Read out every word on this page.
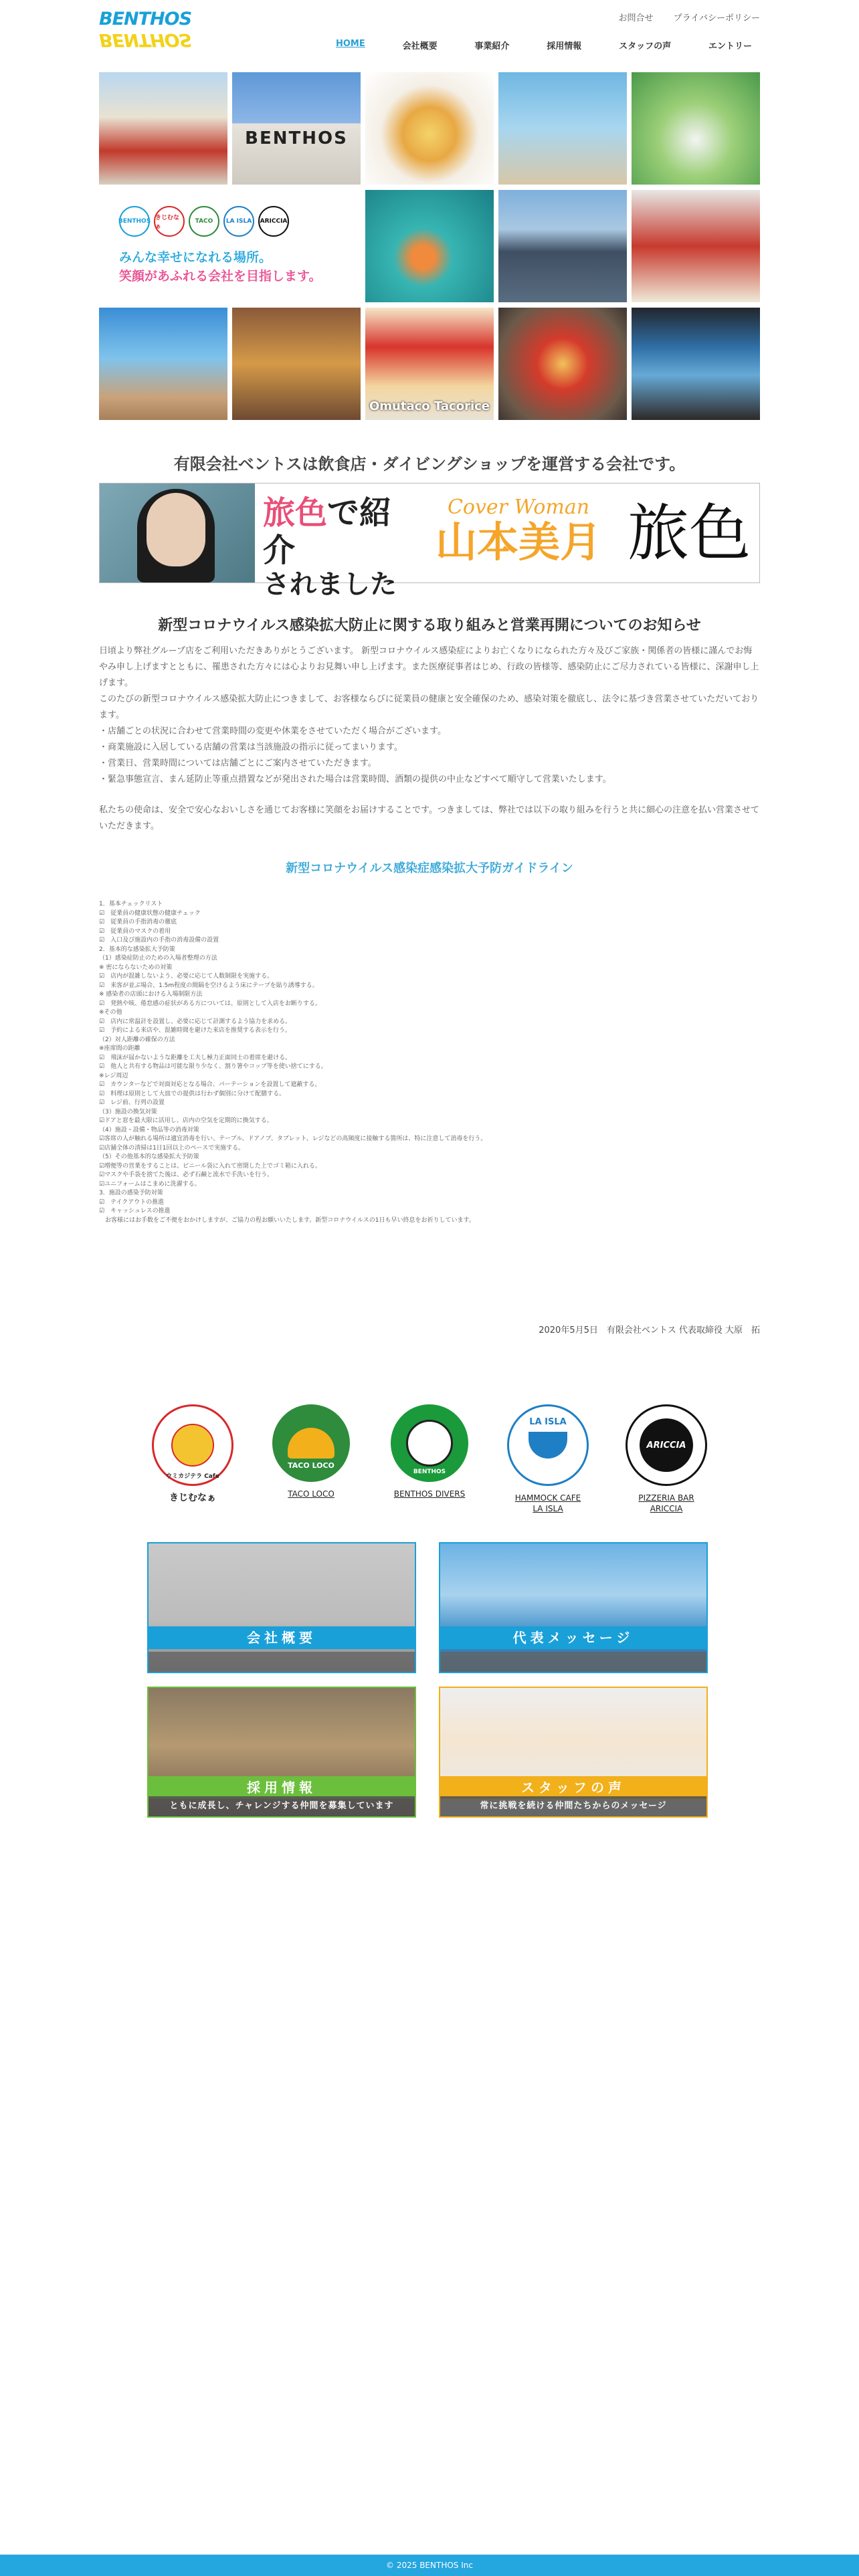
BENTHOS
BENTHOS
お問合せ プライバシーポリシー
HOME	会社概要	事業紹介	採用情報	スタッフの声	エントリー
BENTHOS
BENTHOS きじむなぁ
TACO	LA ISLA	ARICCIA
みんな幸せになれる場所。
笑顔があふれる会社を目指します。
Omutaco Tacorice
有限会社ベントスは飲食店・ダイビングショップを運営する会社です。
旅色で紹介
されました
Cover Woman
山本美月 旅色
新型コロナウイルス感染拡大防止に関する取り組みと営業再開についてのお知らせ

日頃より弊社グループ店をご利用いただきありがとうございます。 新型コロナウイルス感染症によりお亡くなりになられた方々及びご家族・関係者の皆様に謹んでお悔やみ申し上げますとともに、罹患された方々には心よりお見舞い申し上げます。また医療従事者はじめ、行政の皆様等、感染防止にご尽力されている皆様に、深謝申し上げます。

このたびの新型コロナウイルス感染拡大防止につきまして、お客様ならびに従業員の健康と安全確保のため、感染対策を徹底し、法令に基づき営業させていただいております。

・店舗ごとの状況に合わせて営業時間の変更や休業をさせていただく場合がございます。

・商業施設に入居している店舗の営業は当該施設の指示に従ってまいります。

・営業日、営業時間については店舗ごとにご案内させていただきます。

・緊急事態宣言、まん延防止等重点措置などが発出された場合は営業時間、酒類の提供の中止などすべて順守して営業いたします。

私たちの使命は、安全で安心なおいしさを通じてお客様に笑顔をお届けすることです。つきましては、弊社では以下の取り組みを行うと共に細心の注意を払い営業させていただきます。

新型コロナウイルス感染症感染拡大予防ガイドライン
1．基本チェックリスト
☑　従業員の健康状態の健康チェック
☑　従業員の手指消毒の徹底
☑　従業員のマスクの着用
☑　入口及び施設内の手指の消毒設備の設置
2．基本的な感染拡大予防策
（1）感染症防止のための入場者整理の方法
※ 密にならないための対策
☑　店内が混雑しないよう、必要に応じて人数制限を実施する。
☑　来客が並ぶ場合、1.5m程度の間隔を空けるよう床にテープを貼り誘導する。
※ 感染者の店頭における入場制限方法
☑　発熱や咳、倦怠感の症状がある方については、原則として入店をお断りする。
※その他
☑　店内に常温計を設置し、必要に応じて計測するよう協力を求める。
☑　予約による来店や、混雑時間を避けた来店を推奨する表示を行う。
（2）対人距離の確保の方法
※座席間の距離
☑　飛沫が届かないような距離を工夫し極力正面同士の着席を避ける。
☑　他人と共有する物品は可能な限り少なく、割り箸やコップ等を使い捨てにする。
※レジ周辺
☑　カウンターなどで対面対応となる場合、パーテーションを設置して遮蔽する。
☑　料理は原則として大皿での提供は行わず個別に分けて配膳する。
☑　レジ前、行列の設置
（3）施設の換気対策
☑ドアと窓を最大限に活用し、店内の空気を定期的に換気する。
（4）施設・設備・物品等の消毒対策
☑客席の人が触れる場所は適宜消毒を行い、テーブル、ドアノブ、タブレット、レジなどの高頻度に接触する箇所は、特に注意して消毒を行う。
☑店舗全体の清掃は1日1回以上のペースで実施する。
（5）その他基本的な感染拡大予防策
☑増便等の営業をすることは、ビニール袋に入れて密閉した上でゴミ箱に入れる。
☑マスクや手袋を捨てた後は、必ず石鹸と流水で手洗いを行う。
☑ユニフォームはこまめに洗濯する。
3．施設の感染予防対策
☑　テイクアウトの推進
☑　キャッシュレスの推進
　お客様にはお手数をご不便をおかけしますが、ご協力の程お願いいたします。新型コロナウイルスの1日も早い終息をお祈りしています。
2020年5月5日　有限会社ベントス 代表取締役 大原　拓
ウミカジテラ Cafe
きじむなぁ
TACO LOCO
TACO LOCO
BENTHOS
BENTHOS DIVERS
LA ISLA
HAMMOCK CAFE
LA ISLA
ARICCIA
PIZZERIA BAR
ARICCIA
会社概要	代表メッセージ
採用情報
ともに成長し、チャレンジする仲間を募集しています
スタッフの声
常に挑戦を続ける仲間たちからのメッセージ
© 2025 BENTHOS Inc
